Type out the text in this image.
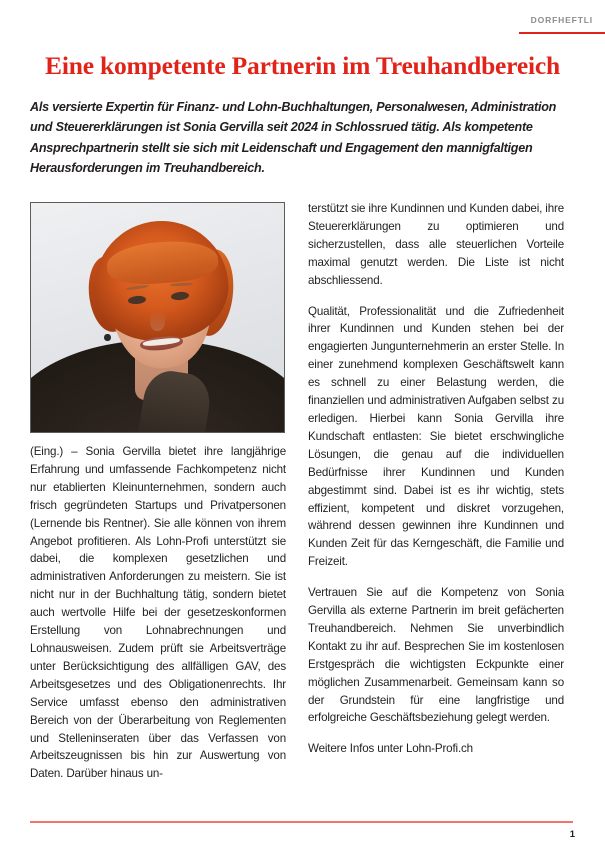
DORFHEFTLI
Eine kompetente Partnerin im Treuhandbereich

Als versierte Expertin für Finanz- und Lohn-Buchhaltungen, Personalwesen, Administration und Steuererklärungen ist Sonia Gervilla seit 2024 in Schlossrued tätig. Als kompetente Ansprechpartnerin stellt sie sich mit Leidenschaft und Engagement den mannigfaltigen Herausforderungen im Treuhandbereich.

(Eing.) – Sonia Gervilla bietet ihre langjährige Erfahrung und umfassende Fachkompetenz nicht nur etablierten Kleinunternehmen, sondern auch frisch gegründeten Startups und Privatpersonen (Lernende bis Rentner). Sie alle können von ihrem Angebot profitieren. Als Lohn-Profi unterstützt sie dabei, die komplexen gesetzlichen und administrativen Anforderungen zu meistern. Sie ist nicht nur in der Buchhaltung tätig, sondern bietet auch wertvolle Hilfe bei der gesetzeskonformen Erstellung von Lohnabrechnungen und Lohnausweisen. Zudem prüft sie Arbeitsverträge unter Berücksichtigung des allfälligen GAV, des Arbeitsgesetzes und des Obligationenrechts. Ihr Service umfasst ebenso den administrativen Bereich von der Überarbeitung von Reglementen und Stelleninseraten über das Verfassen von Arbeitszeugnissen bis hin zur Auswertung von Daten. Darüber hinaus un-

terstützt sie ihre Kundinnen und Kunden dabei, ihre Steuererklärungen zu optimieren und sicherzustellen, dass alle steuerlichen Vorteile maximal genutzt werden. Die Liste ist nicht abschliessend.

Qualität, Professionalität und die Zufriedenheit ihrer Kundinnen und Kunden stehen bei der engagierten Jungunternehmerin an erster Stelle. In einer zunehmend komplexen Geschäftswelt kann es schnell zu einer Belastung werden, die finanziellen und administrativen Aufgaben selbst zu erledigen. Hierbei kann Sonia Gervilla ihre Kundschaft entlasten: Sie bietet erschwingliche Lösungen, die genau auf die individuellen Bedürfnisse ihrer Kundinnen und Kunden abgestimmt sind. Dabei ist es ihr wichtig, stets effizient, kompetent und diskret vorzugehen, während dessen gewinnen ihre Kundinnen und Kunden Zeit für das Kerngeschäft, die Familie und Freizeit.

Vertrauen Sie auf die Kompetenz von Sonia Gervilla als externe Partnerin im breit gefächerten Treuhandbereich. Nehmen Sie unverbindlich Kontakt zu ihr auf. Besprechen Sie im kostenlosen Erstgespräch die wichtigsten Eckpunkte einer möglichen Zusammenarbeit. Gemeinsam kann so der Grundstein für eine langfristige und erfolgreiche Geschäftsbeziehung gelegt werden.

Weitere Infos unter Lohn-Profi.ch

1
